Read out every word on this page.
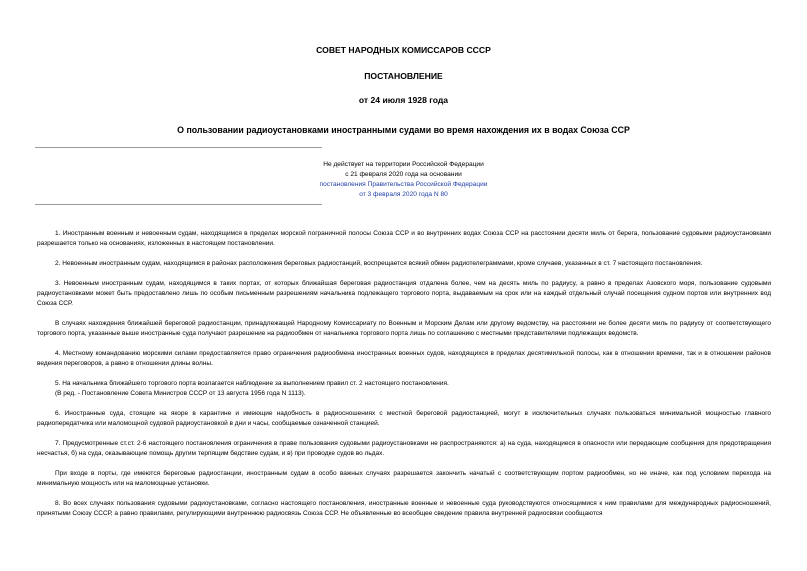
СОВЕТ НАРОДНЫХ КОМИССАРОВ СССР
ПОСТАНОВЛЕНИЕ
от 24 июля 1928 года
О пользовании радиоустановками иностранными судами во время нахождения их в водах Союза ССР
Не действует на территории Российской Федерации
с 21 февраля 2020 года на основании
постановления Правительства Российской Федерации
от 3 февраля 2020 года N 80

1. Иностранным военным и невоенным судам, находящимся в пределах морской пограничной полосы Союза ССР и во внутренних водах Союза ССР на расстоянии десяти миль от берега, пользование судовыми радиоустановками разрешается только на основаниях, изложенных в настоящем постановлении.

2. Невоенным иностранным судам, находящимся в районах расположения береговых радиостанций, воспрещается всякий обмен радиотелеграммами, кроме случаев, указанных в ст. 7 настоящего постановления.

3. Невоенным иностранным судам, находящимся в таких портах, от которых ближайшая береговая радиостанция отдалена более, чем на десять миль по радиусу, а равно в пределах Азовского моря, пользование судовыми радиоустановками может быть предоставлено лишь по особым письменным разрешениям начальника подлежащего торгового порта, выдаваемым на срок или на каждый отдельный случай посещения судном портов или внутренних вод Союза ССР.

В случаях нахождения ближайшей береговой радиостанции, принадлежащей Народному Комиссариату по Военным и Морским Делам или другому ведомству, на расстоянии не более десяти миль по радиусу от соответствующего торгового порта, указанные выше иностранные суда получают разрешение на радиообмен от начальника торгового порта лишь по соглашению с местными представителями подлежащих ведомств.

4. Местному командованию морскими силами предоставляется право ограничения радиообмена иностранных военных судов, находящихся в пределах десятимильной полосы, как в отношении времени, так и в отношении районов ведения переговоров, а равно в отношении длины волны.

5. На начальника ближайшего торгового порта возлагается наблюдение за выполнением правил ст. 2 настоящего постановления.

(В ред. - Постановление Совета Министров СССР от 13 августа 1956 года N 1113).

6. Иностранные суда, стоящие на якоре в карантине и имеющие надобность в радиосношениях с местной береговой радиостанцией, могут в исключительных случаях пользоваться минимальной мощностью главного радиопередатчика или маломощной судовой радиоустановкой в дни и часы, сообщаемые означенной станцией.

7. Предусмотренные ст.ст. 2-6 настоящего постановления ограничения в праве пользования судовыми радиоустановками не распространяются: а) на суда, находящиеся в опасности или передающие сообщения для предотвращения несчастья, б) на суда, оказывающие помощь другим терпящим бедствие судам, и в) при проводке судов во льдах.

При входе в порты, где имеются береговые радиостанции, иностранным судам в особо важных случаях разрешается закончить начатый с соответствующим портом радиообмен, но не иначе, как под условием перехода на минимальную мощность или на маломощные установки.

8. Во всех случаях пользования судовыми радиоустановками, согласно настоящего постановления, иностранные военные и невоенные суда руководствуются относящимися к ним правилами для международных радиосношений, принятыми Союзу СССР, а равно правилами, регулирующими внутреннюю радиосвязь Союза ССР. Не объявленные во всеобщее сведение правила внутренней радиосвязи сообщаются
